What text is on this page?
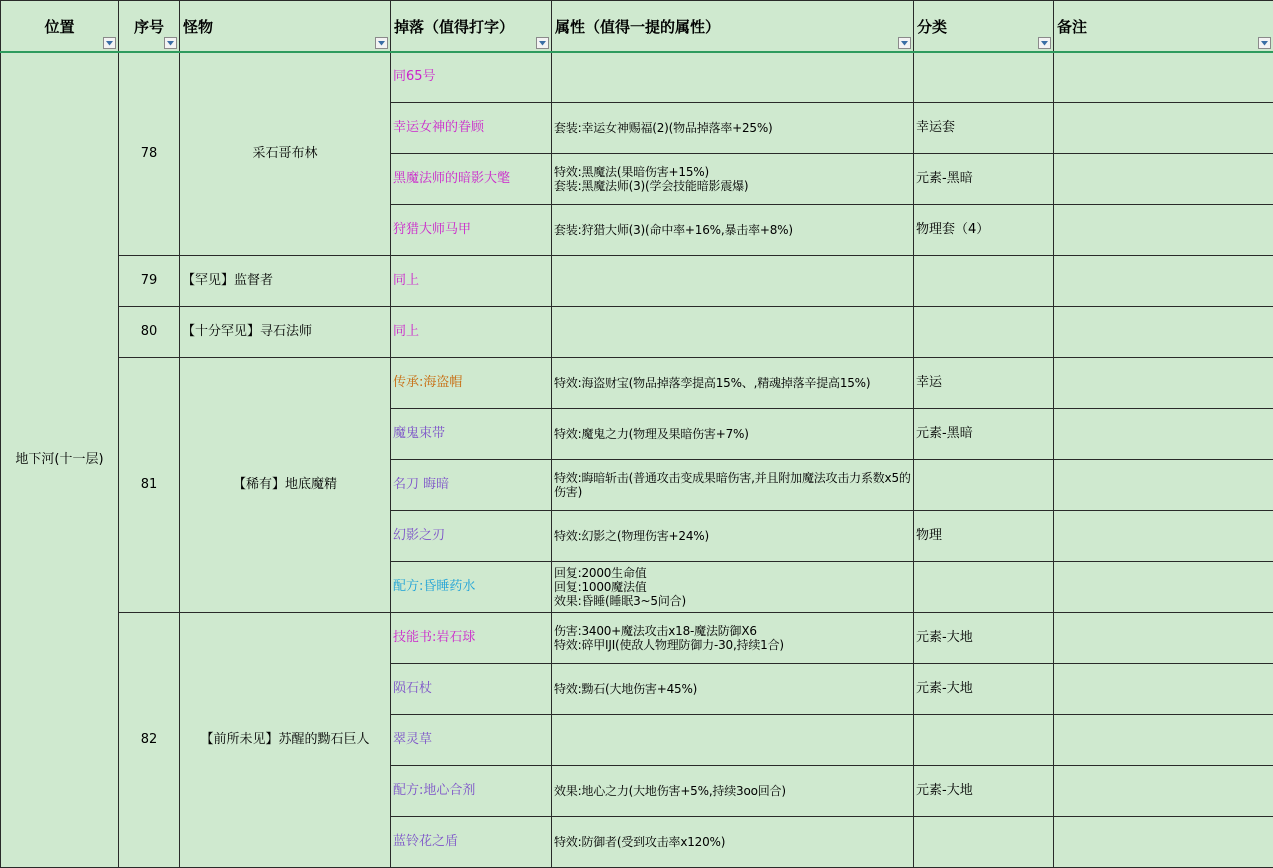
位置	序号	怪物	掉落（值得打字）	属性（值得一提的属性）	分类	备注

地下河(十一层)	78	采石哥布林	同65号			
			幸运女神的眷顾	套装:幸运女神赐福(2)(物品掉落率+25%)	幸运套	
			黑魔法师的暗影大氅	特效:黑魔法(果暗伤害+15%)
套装:黑魔法师(3)(学会技能暗影震爆)	元素-黑暗	
			狩猎大师马甲	套装:狩猎大师(3)(命中率+16%,暴击率+8%)	物理套（4）	
	79	【罕见】监督者	同上			
	80	【十分罕见】寻石法师	同上			
	81	【稀有】地底魔精	传承:海盗帽	特效:海盗财宝(物品掉落孪提高15%、,精魂掉落辛提高15%)	幸运	
			魔鬼束带	特效:魔鬼之力(物理及果暗伤害+7%)	元素-黑暗	
			名刀 晦暗	特效:晦暗斩击(普通攻击变成果暗伤害,并且附加魔法攻击力系数x5的伤害)		

			幻影之刃	特效:幻影之(物理伤害+24%)	物理	
			配方:昏睡药水	回复:2000生命值
回复:1000魔法值
效果:昏睡(睡眠3~5问合)		

	82	【前所未见】苏醒的黝石巨人	技能书:岩石球	伤害:3400+魔法攻击x18-魔法防御X6
特效:碎甲IJI(使敌人物理防御力-30,持续1合)	元素-大地	
			陨石杖	特效:黝石(大地伤害+45%)	元素-大地	
			翠灵草			
			配方:地心合剂	效果:地心之力(大地伤害+5%,持续3oo回合)	元素-大地	
			蓝铃花之盾	特效:防御者(受到攻击率x120%)		
